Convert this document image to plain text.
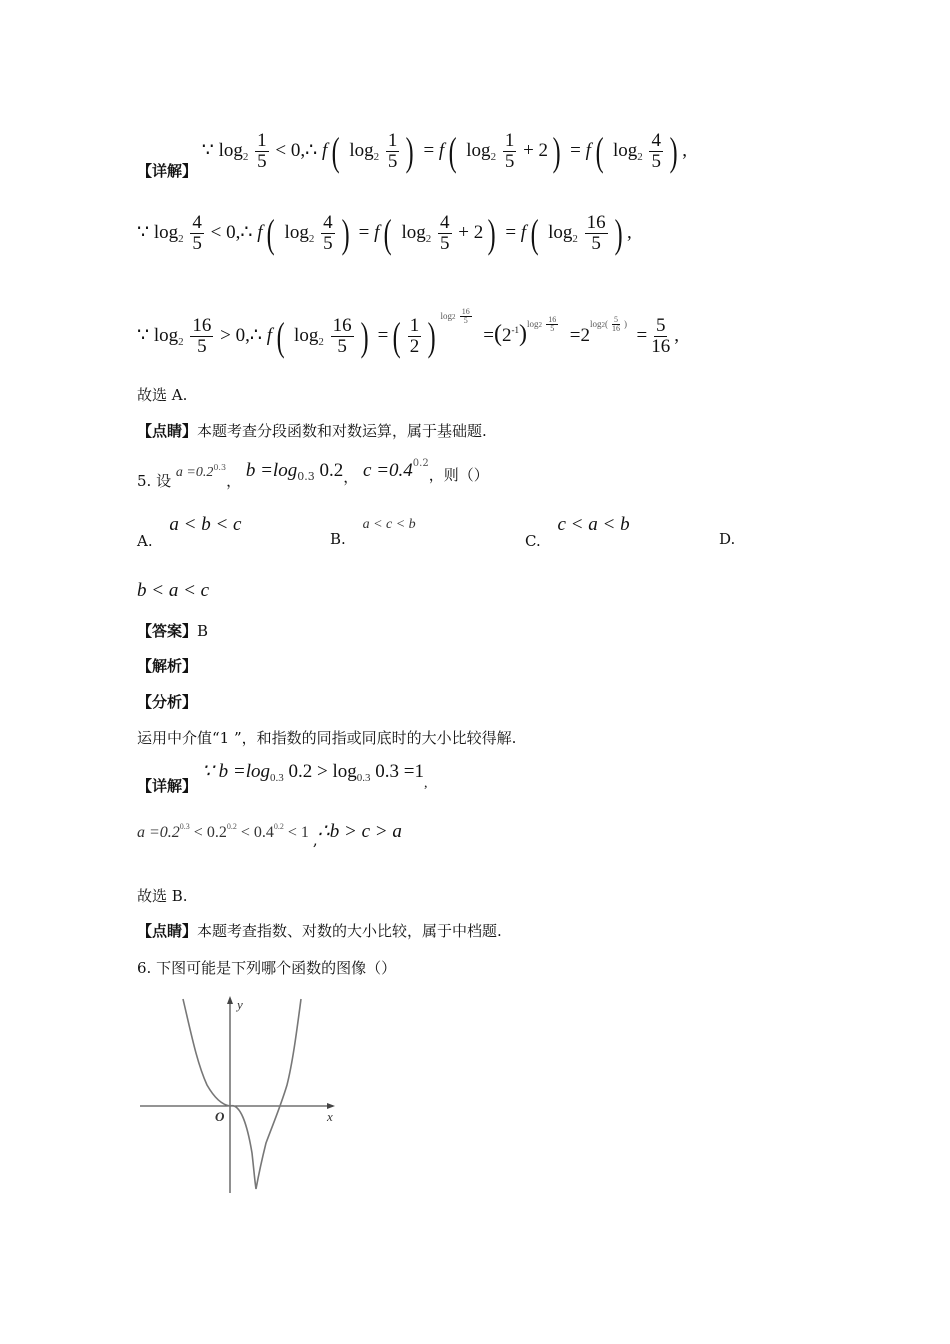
【详解】 ∵ $\log_2 \frac{1}{5}$ < 0,∴ f ( $\log_2 \frac{1}{5}$ ) = f ( $\log_2 \frac{1}{5} + 2$ ) = f ( $\log_2 \frac{4}{5}$ ) ,
∵ $\log_2 \frac{4}{5}$ < 0,∴ f ( $\log_2 \frac{4}{5}$ ) = f ( $\log_2 \frac{4}{5} + 2$ ) = f ( $\log_2 \frac{16}{5}$ ) ,
∵ $\log_2 \frac{16}{5}$ > 0,∴ f ( $\log_2 \frac{16}{5}$ ) = ( $\frac{1}{2}$ ) $^{log2 \frac{16}{5}}$
$=(2^{-1})^{log2 \frac{16}{5}}$
$=2^{log2( \frac{5}{16} )} = \frac{5}{16}$ ,
故选 A.
【点睛】本题考查分段函数和对数运算，属于基础题.
5. 设 $a =0.2^{0.3}$， $b =\log_{0.3}$ 0.2， $c =0.4^{0.2}$，则（）
A. a < b < c
B. a < c < b
C. c < a < b
D.
b < a < c
【答案】B
【解析】
【分析】
运用中介值“1 ”，和指数的同指或同底时的大小比较得解.
【详解】 ∵ $b =\log_{0.3}$ $0.2 > \log_{0.3} 0.3 =1_,$
$a =0.2^{0.3} < 0.2^{0.2} < 0.4^{0.2} < 1$ ,∴b > c > a
故选 B.
【点睛】本题考查指数、对数的大小比较，属于中档题.
6. 下图可能是下列哪个函数的图像（）
y
x
O
